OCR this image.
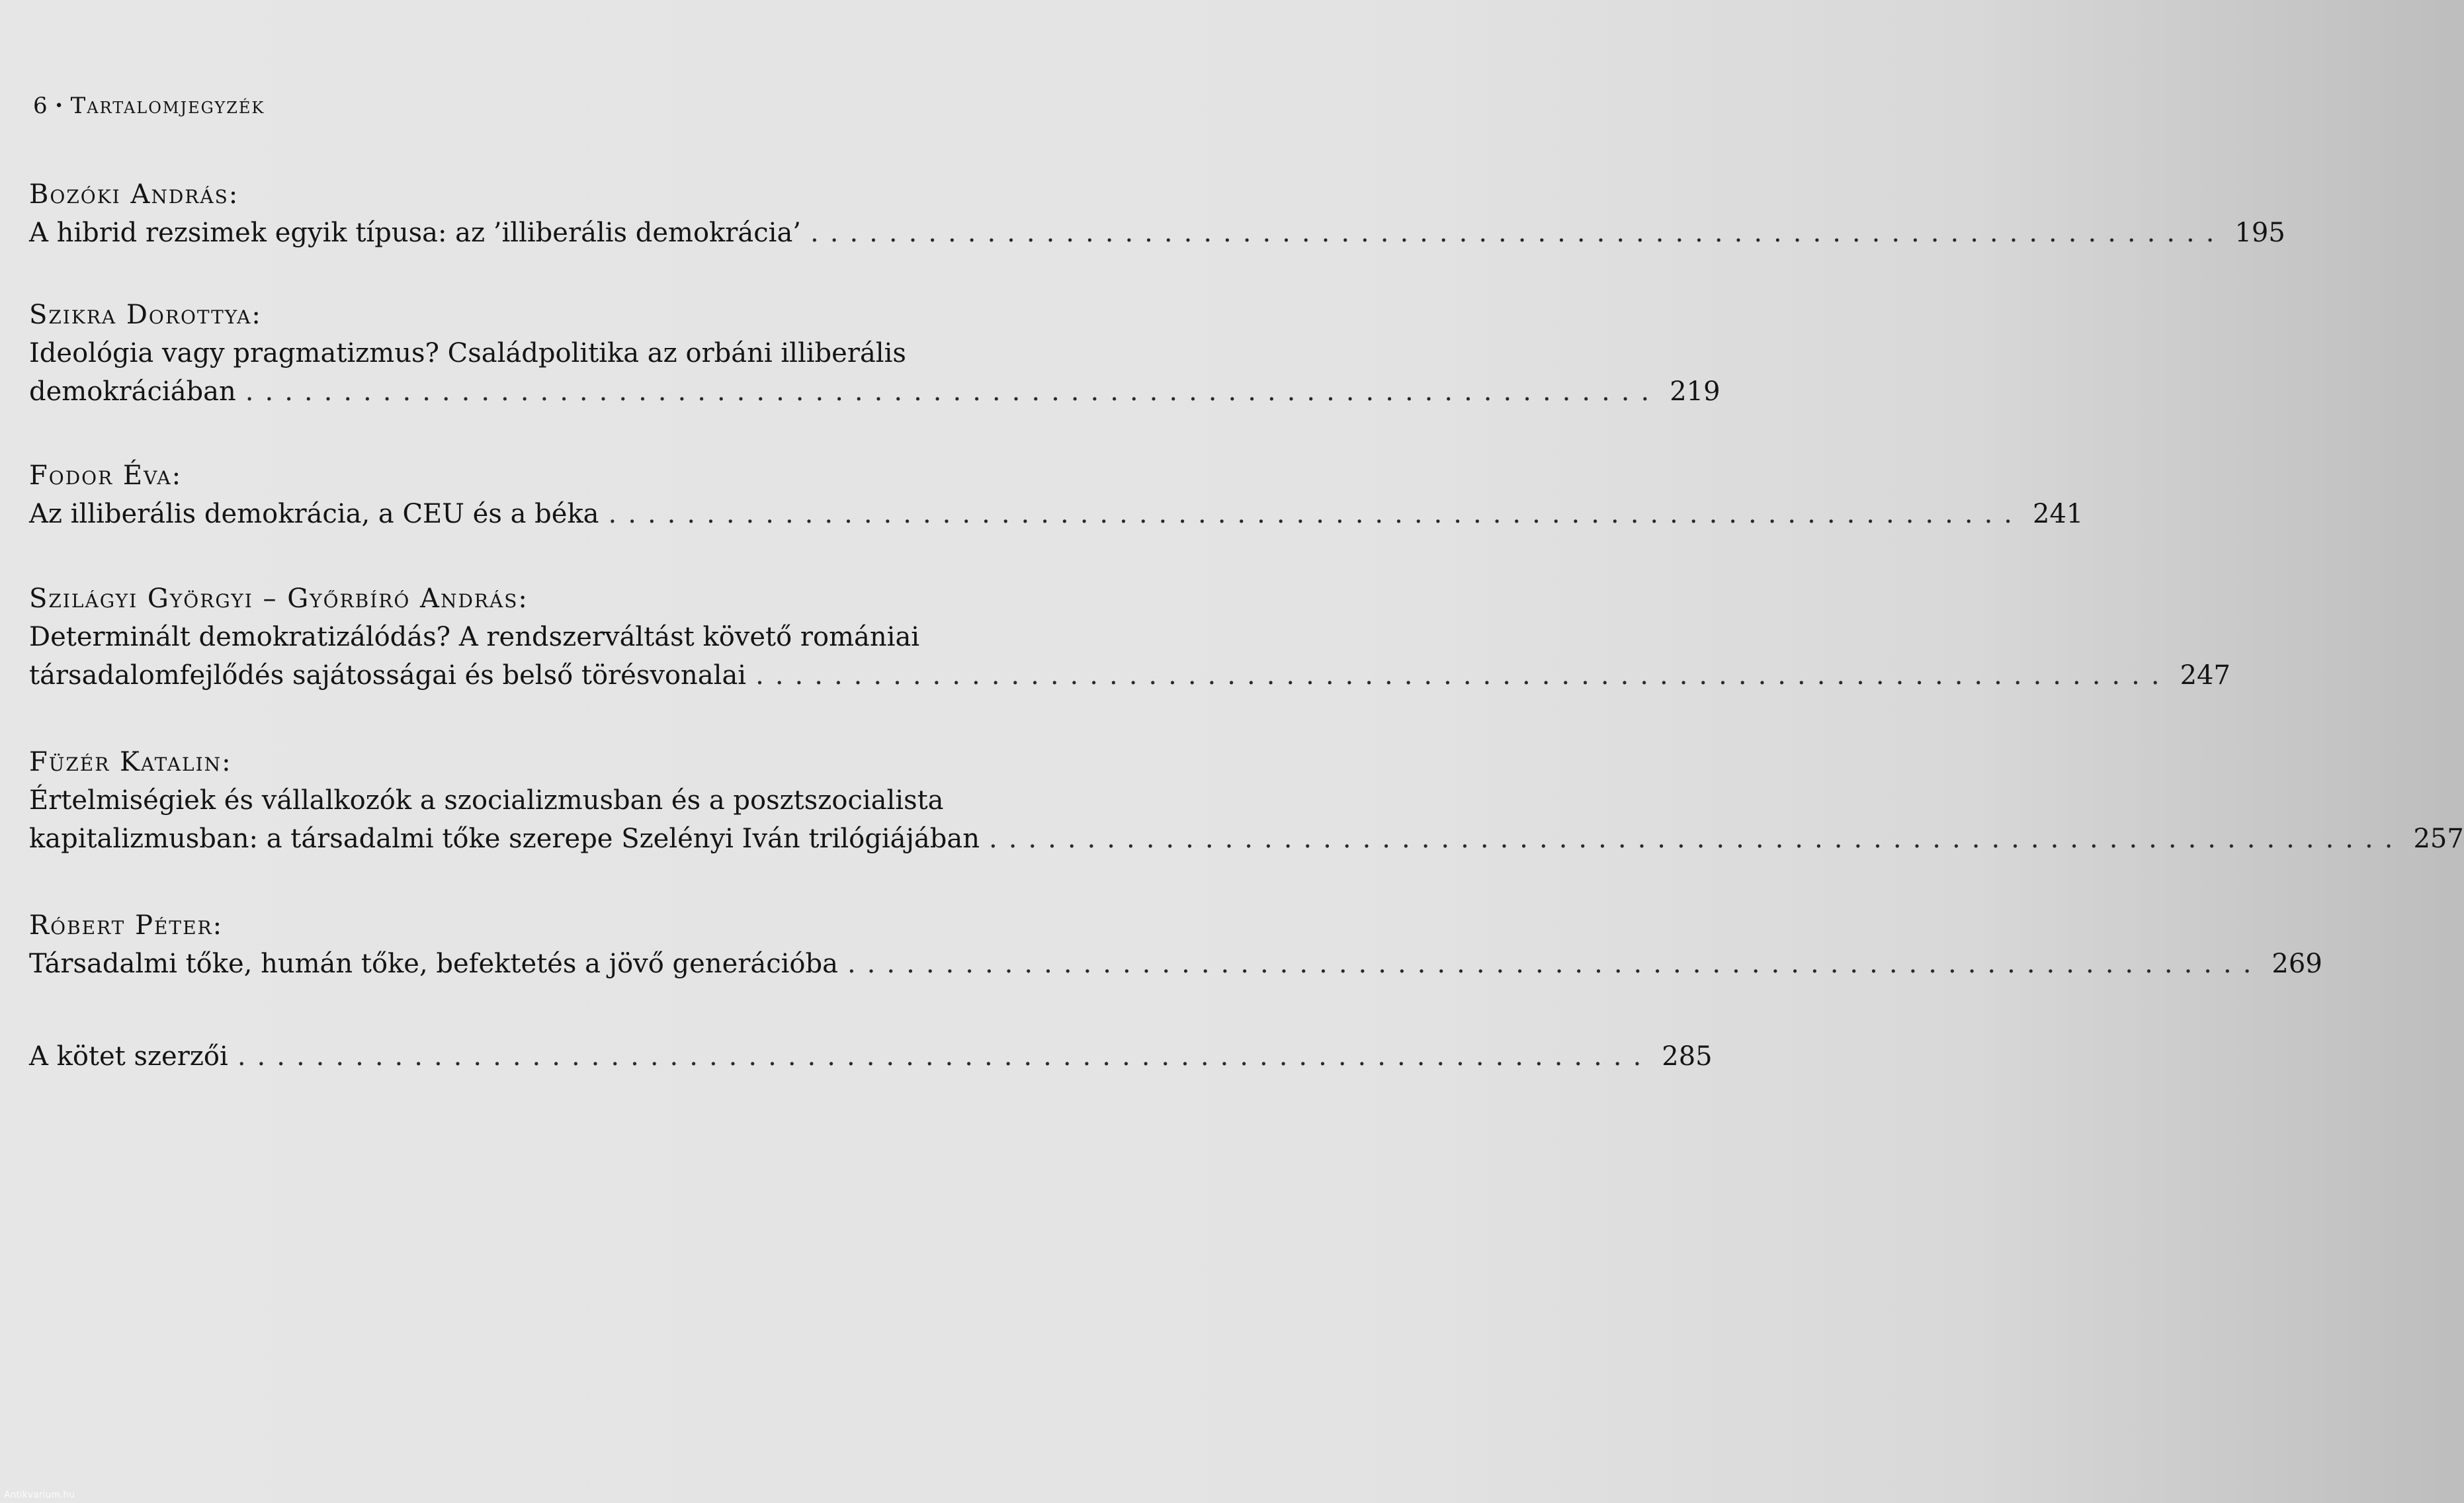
6 • Tartalomjegyzék
Bozóki András:
A hibrid rezsimek egyik típusa: az ’illiberális demokrácia’ ........................................................................ 195
Szikra Dorottya:
Ideológia vagy pragmatizmus? Családpolitika az orbáni illiberális
demokráciában ........................................................................ 219
Fodor Éva:
Az illiberális demokrácia, a CEU és a béka ........................................................................ 241
Szilágyi Györgyi – Győrbíró András:
Determinált demokratizálódás? A rendszerváltást követő romániai
társadalomfejlődés sajátosságai és belső törésvonalai ........................................................................ 247
Füzér Katalin:
Értelmiségiek és vállalkozók a szocializmusban és a posztszocialista
kapitalizmusban: a társadalmi tőke szerepe Szelényi Iván trilógiájában ........................................................................ 257
Róbert Péter:
Társadalmi tőke, humán tőke, befektetés a jövő generációba ........................................................................ 269
A kötet szerzői ........................................................................ 285
Antikvarium.hu
